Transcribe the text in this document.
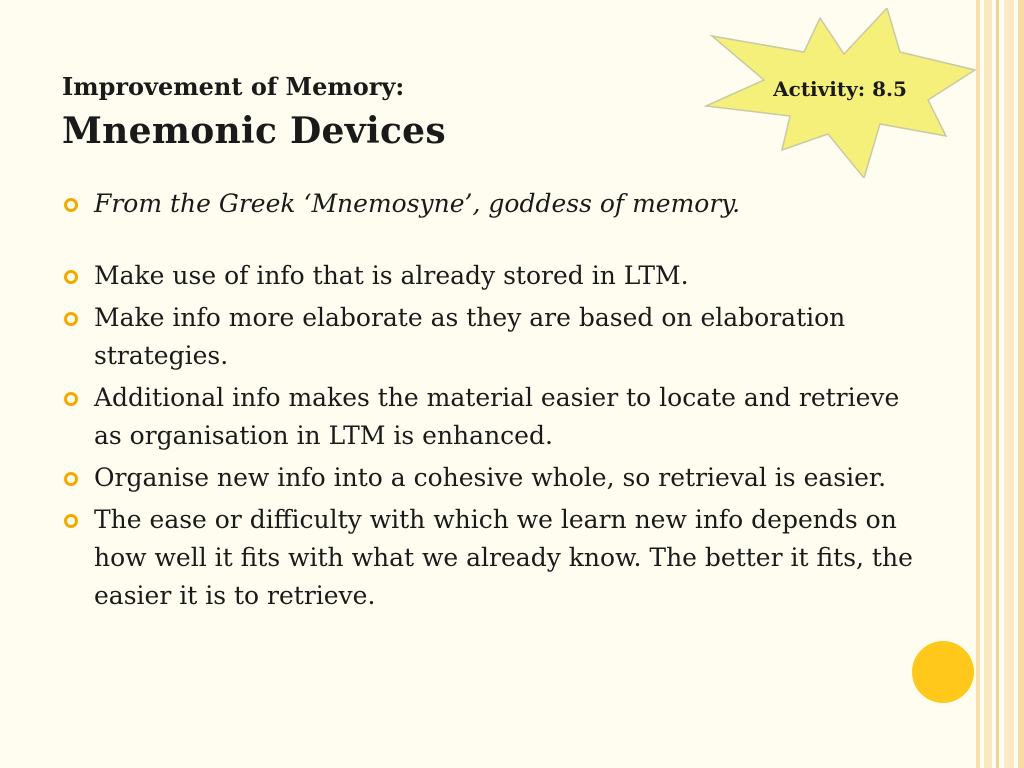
Improvement of Memory:
Mnemonic Devices
Activity: 8.5
From the Greek ‘Mnemosyne’, goddess of memory.
Make use of info that is already stored in LTM.
Make info more elaborate as they are based on elaboration strategies.
Additional info makes the material easier to locate and retrieve as organisation in LTM is enhanced.
Organise new info into a cohesive whole, so retrieval is easier.
The ease or difficulty with which we learn new info depends on how well it fits with what we already know. The better it fits, the easier it is to retrieve.
